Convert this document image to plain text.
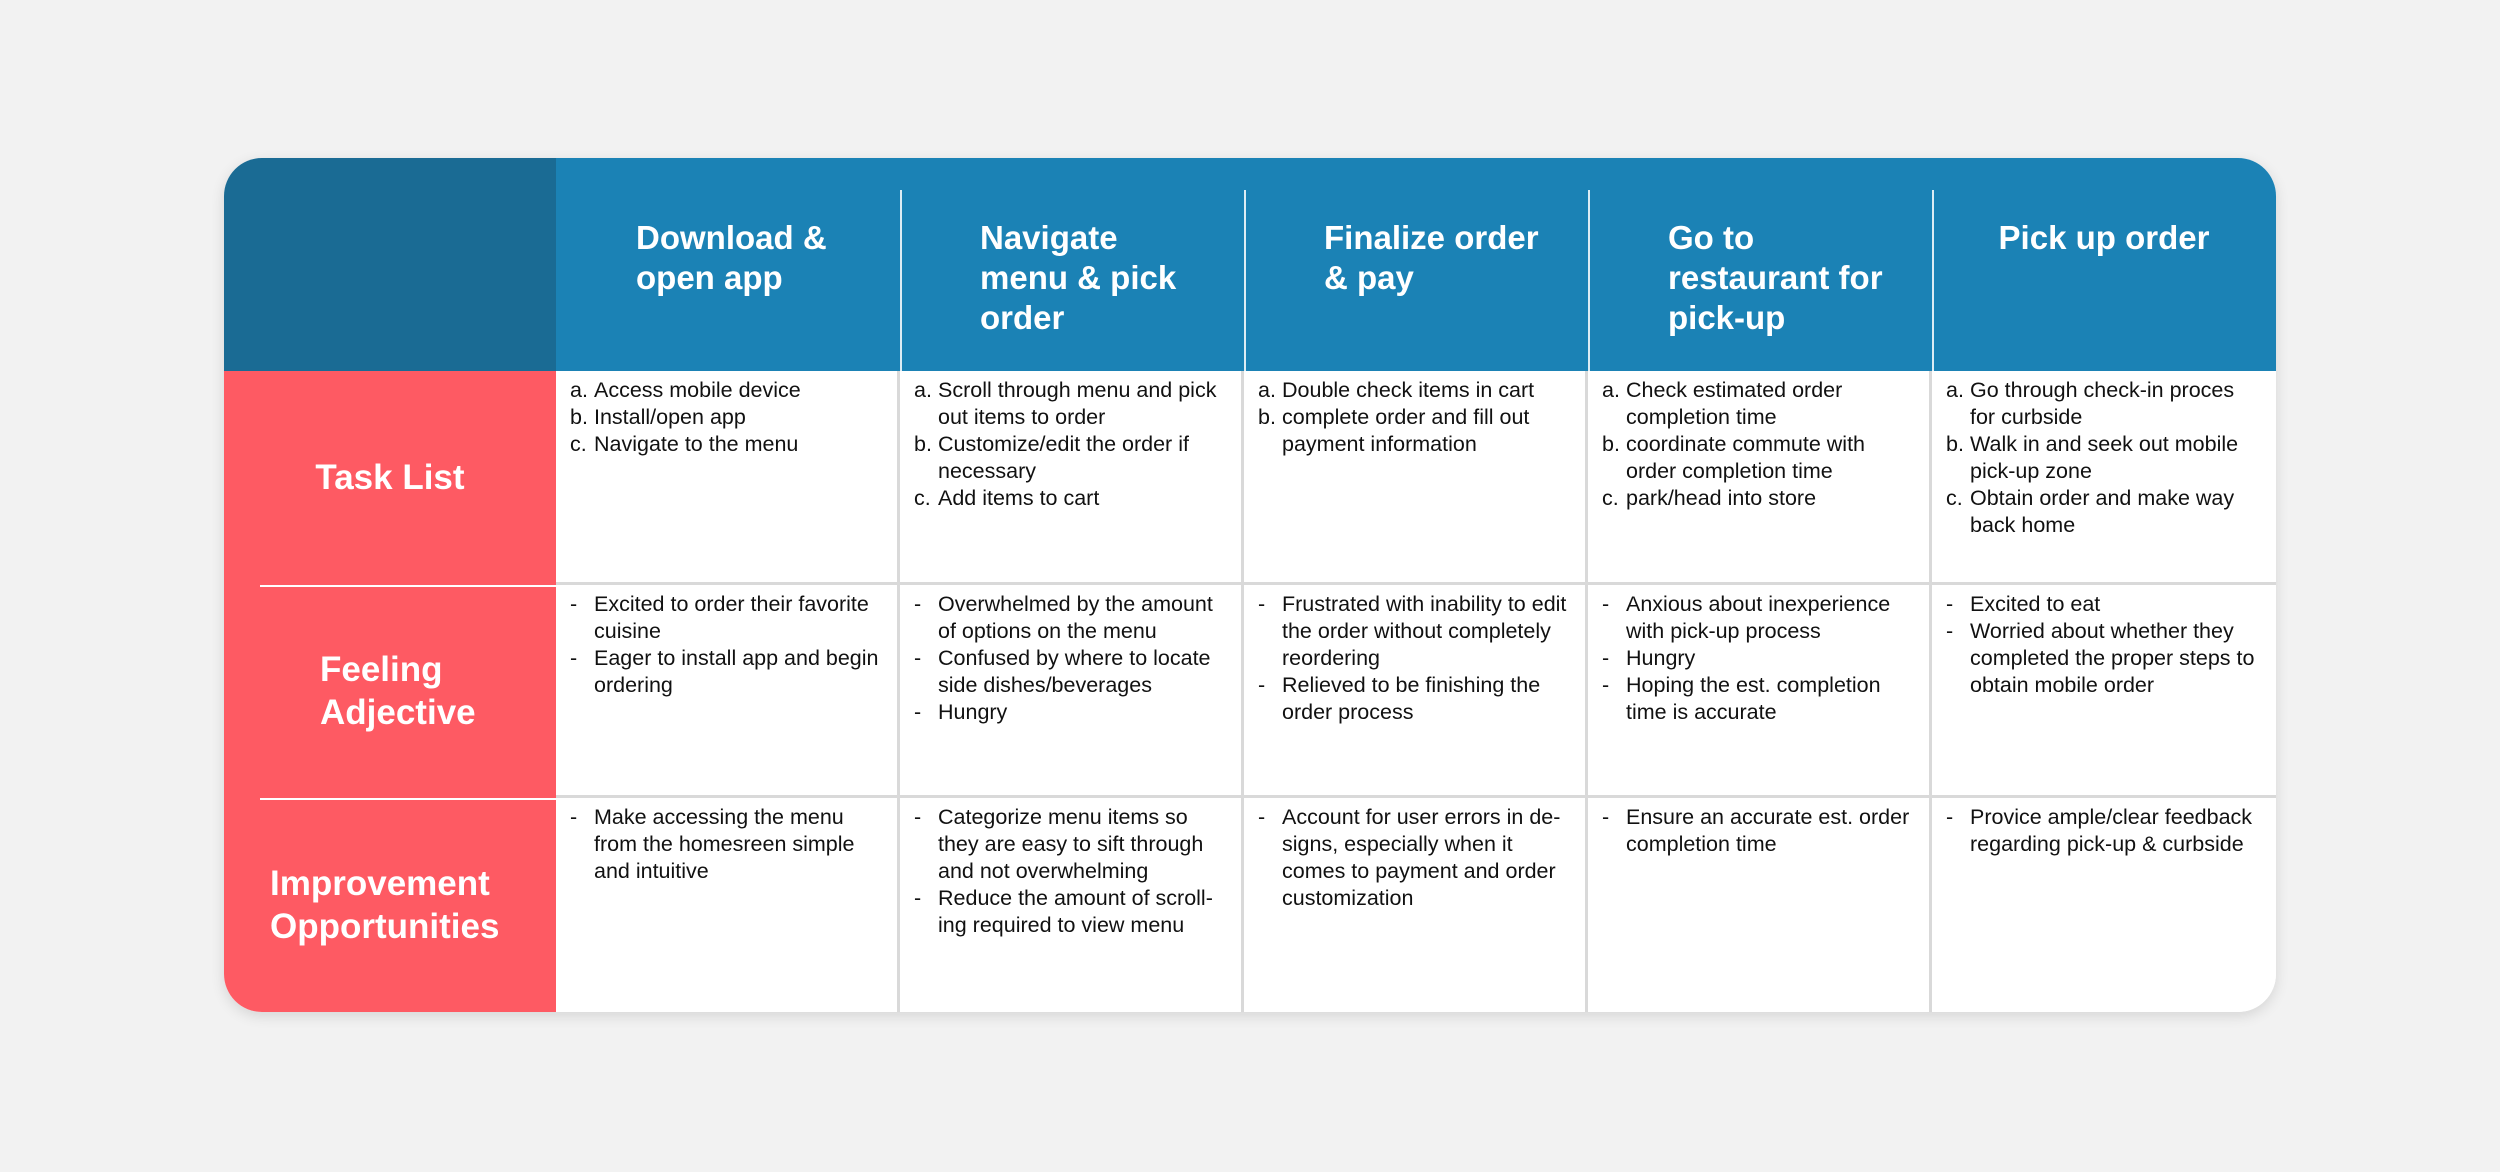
Download & open app
Navigate menu & pick order
Finalize order & pay
Go to restaurant for pick-up
Pick up order
Task List
a. Access mobile device
b. Install/open app
c. Navigate to the menu
a. Scroll through menu and pick out items to order
b. Customize/edit the order if necessary
c. Add items to cart
a. Double check items in cart
b. complete order and fill out payment information
a. Check estimated order completion time
b. coordinate commute with order completion time
c. park/head into store
a. Go through check-in proces for curbside
b. Walk in and seek out mobile pick-up zone
c. Obtain order and make way back home
Feeling Adjective
- Excited to order their favorite cuisine
- Eager to install app and begin ordering
- Overwhelmed by the amount of options on the menu
- Confused by where to locate side dishes/beverages
- Hungry
- Frustrated with inability to edit the order without completely reordering
- Relieved to be finishing the order process
- Anxious about inexperience with pick-up process
- Hungry
- Hoping the est. completion time is accurate
- Excited to eat
- Worried about whether they completed the proper steps to obtain mobile order
Improvement Opportunities
- Make accessing the menu from the homesreen simple and intuitive
- Categorize menu items so they are easy to sift through and not overwhelming
- Reduce the amount of scroll-ing required to view menu
- Account for user errors in de-signs, especially when it comes to payment and order customization
- Ensure an accurate est. order completion time
- Provice ample/clear feedback regarding pick-up & curbside
